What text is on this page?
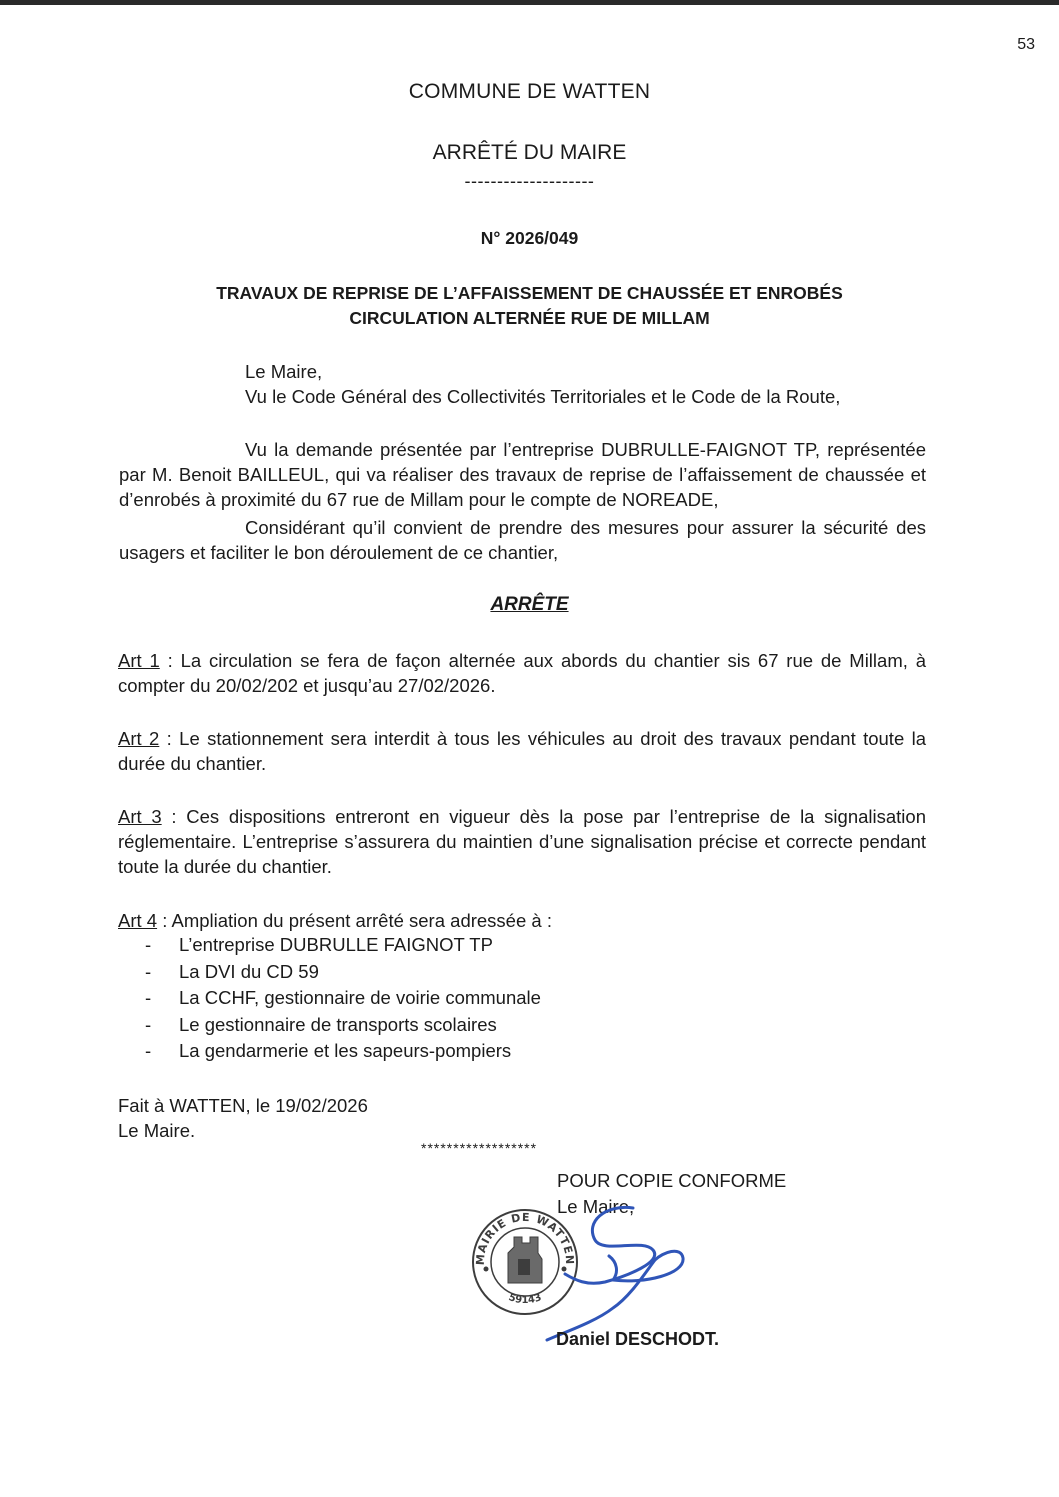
53
COMMUNE DE WATTEN
ARRÊTÉ DU MAIRE
--------------------
N° 2026/049
TRAVAUX DE REPRISE DE L’AFFAISSEMENT DE CHAUSSÉE ET ENROBÉS
CIRCULATION ALTERNÉE RUE DE MILLAM
Le Maire,
Vu le Code Général des Collectivités Territoriales et le Code de la Route,
Vu la demande présentée par l’entreprise DUBRULLE-FAIGNOT TP, représentée par M. Benoit BAILLEUL, qui va réaliser des travaux de reprise de l’affaissement de chaussée et d’enrobés à proximité du 67 rue de Millam pour le compte de NOREADE,
Considérant qu’il convient de prendre des mesures pour assurer la sécurité des usagers et faciliter le bon déroulement de ce chantier,
ARRÊTE
Art 1 : La circulation se fera de façon alternée aux abords du chantier sis 67 rue de Millam, à compter du 20/02/202 et jusqu’au 27/02/2026.
Art 2 : Le stationnement sera interdit à tous les véhicules au droit des travaux pendant toute la durée du chantier.
Art 3 : Ces dispositions entreront en vigueur dès la pose par l’entreprise de la signalisation réglementaire. L’entreprise s’assurera du maintien d’une signalisation précise et correcte pendant toute la durée du chantier.
Art 4 : Ampliation du présent arrêté sera adressée à :
- L’entreprise DUBRULLE FAIGNOT TP
- La DVI du CD 59
- La CCHF, gestionnaire de voirie communale
- Le gestionnaire de transports scolaires
- La gendarmerie et les sapeurs-pompiers
Fait à WATTEN, le 19/02/2026
Le Maire.
******************
POUR COPIE CONFORME
Le Maire,
MAIRIE DE WATTEN
59143
Daniel DESCHODT.
